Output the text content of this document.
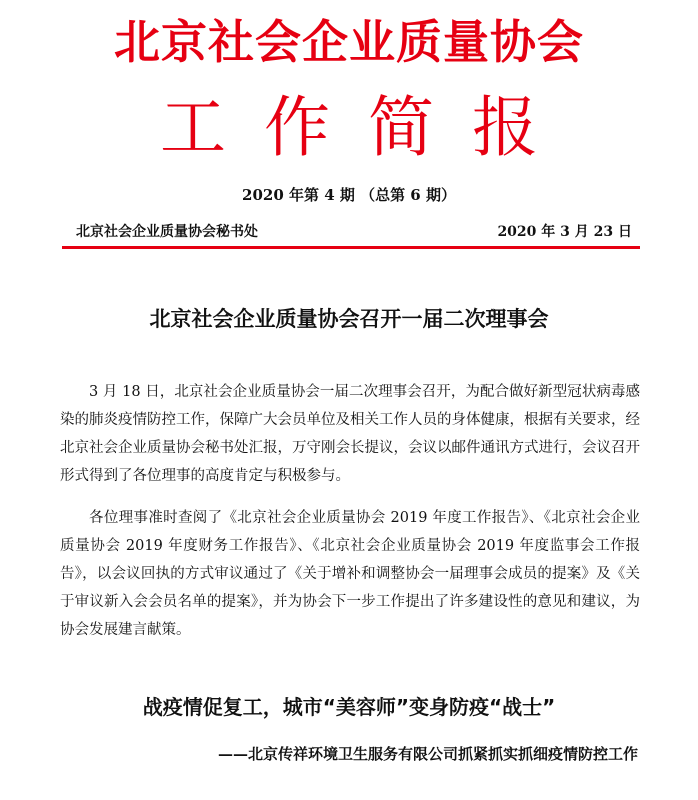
北京社会企业质量协会
工作简报
2020 年第 4 期 （总第 6 期）
北京社会企业质量协会秘书处	2020 年 3 月 23 日
北京社会企业质量协会召开一届二次理事会

3 月 18 日，北京社会企业质量协会一届二次理事会召开，为配合做好新型冠状病毒感染的肺炎疫情防控工作，保障广大会员单位及相关工作人员的身体健康，根据有关要求，经北京社会企业质量协会秘书处汇报，万守刚会长提议，会议以邮件通讯方式进行，会议召开形式得到了各位理事的高度肯定与积极参与。

各位理事准时查阅了《北京社会企业质量协会 2019 年度工作报告》、《北京社会企业质量协会 2019 年度财务工作报告》、《北京社会企业质量协会 2019 年度监事会工作报告》，以会议回执的方式审议通过了《关于增补和调整协会一届理事会成员的提案》及《关于审议新入会会员名单的提案》，并为协会下一步工作提出了许多建设性的意见和建议，为协会发展建言献策。

战疫情促复工，城市“美容师”变身防疫“战士”
——北京传祥环境卫生服务有限公司抓紧抓实抓细疫情防控工作
